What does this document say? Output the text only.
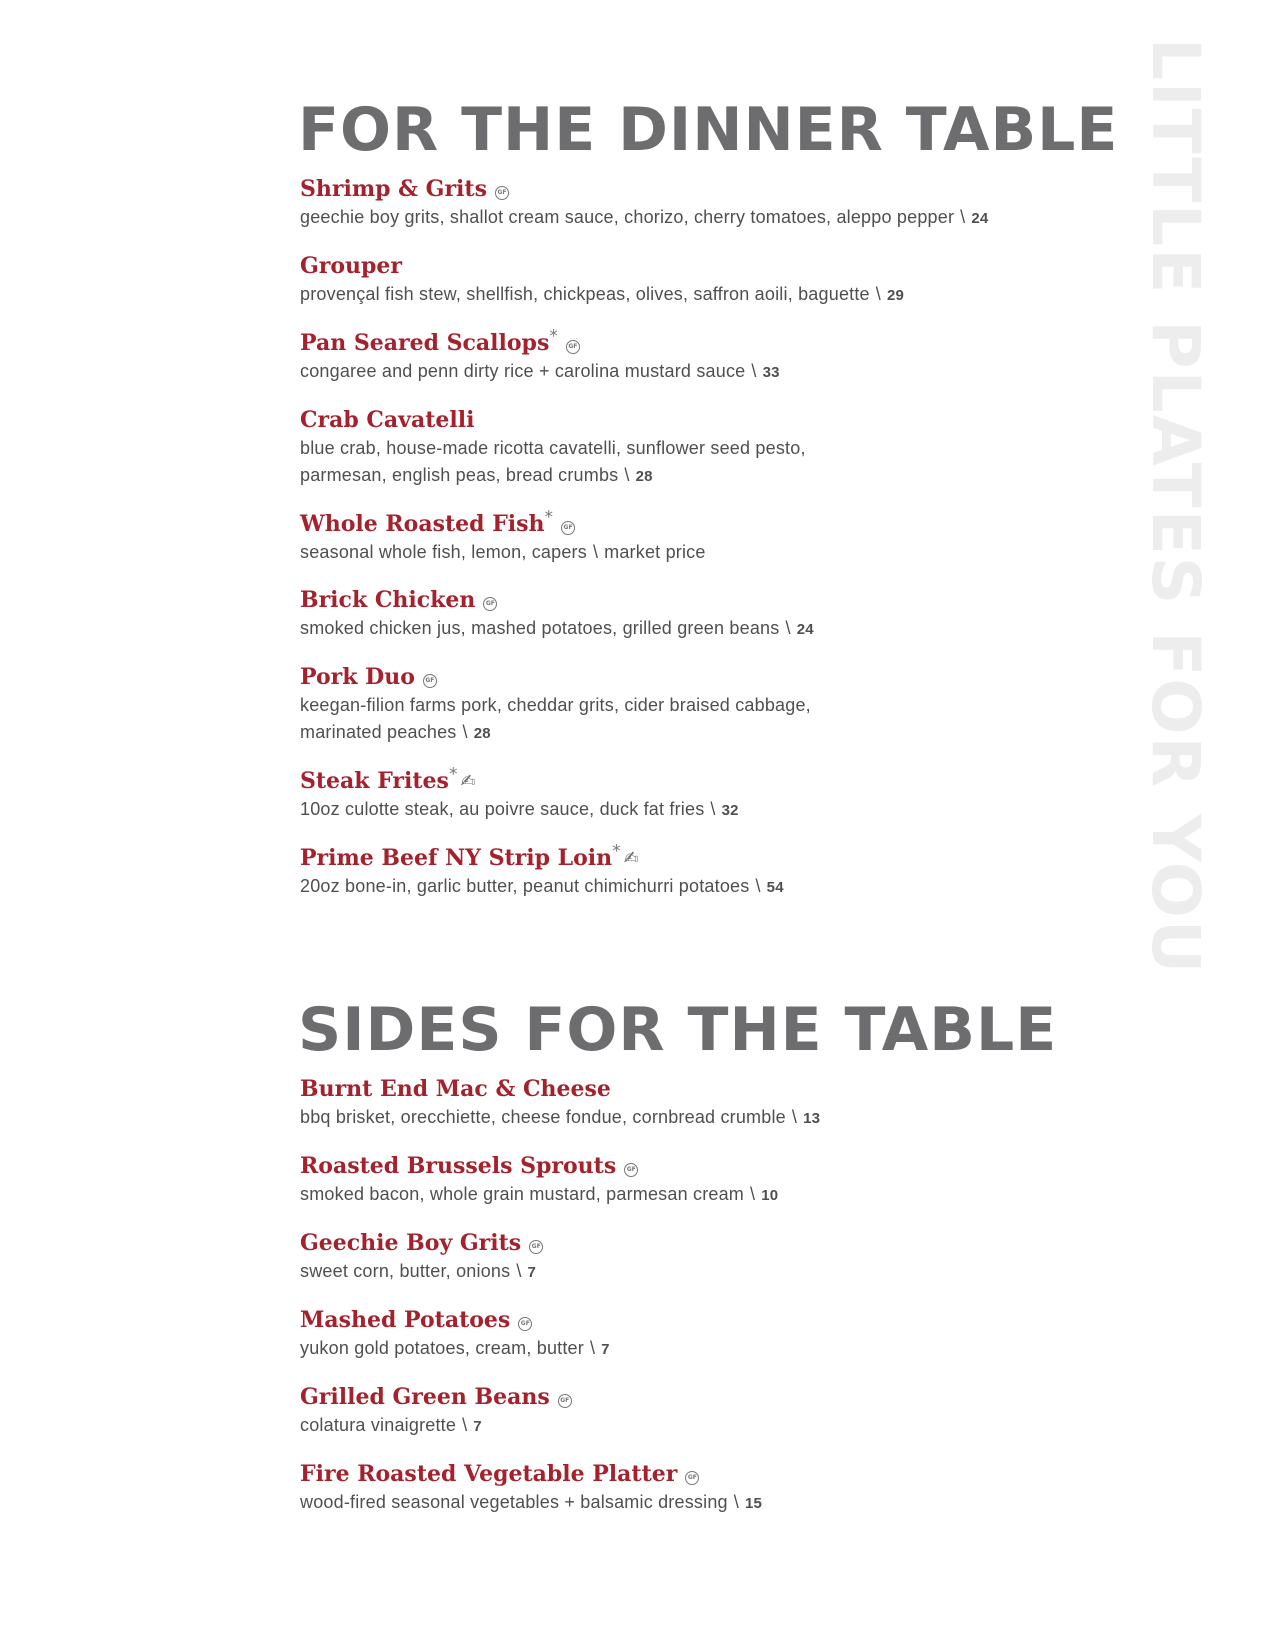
FOR THE DINNER TABLE
Shrimp & Grits GF
geechie boy grits, shallot cream sauce, chorizo, cherry tomatoes, aleppo pepper \ 24
Grouper
provençal fish stew, shellfish, chickpeas, olives, saffron aoili, baguette \ 29
Pan Seared Scallops* GF
congaree and penn dirty rice + carolina mustard sauce \ 33
Crab Cavatelli
blue crab, house-made ricotta cavatelli, sunflower seed pesto,
parmesan, english peas, bread crumbs \ 28
Whole Roasted Fish* GF
seasonal whole fish, lemon, capers \ market price
Brick Chicken GF
smoked chicken jus, mashed potatoes, grilled green beans \ 24
Pork Duo GF
keegan-filion farms pork, cheddar grits, cider braised cabbage,
marinated peaches \ 28
Steak Frites* ✍
10oz culotte steak, au poivre sauce, duck fat fries \ 32
Prime Beef NY Strip Loin* ✍
20oz bone-in, garlic butter, peanut chimichurri potatoes \ 54
SIDES FOR THE TABLE
Burnt End Mac & Cheese
bbq brisket, orecchiette, cheese fondue, cornbread crumble \ 13
Roasted Brussels Sprouts GF
smoked bacon, whole grain mustard, parmesan cream \ 10
Geechie Boy Grits GF
sweet corn, butter, onions \ 7
Mashed Potatoes GF
yukon gold potatoes, cream, butter \ 7
Grilled Green Beans GF
colatura vinaigrette \ 7
Fire Roasted Vegetable Platter GF
wood-fired seasonal vegetables + balsamic dressing \ 15
LITTLE PLATES FOR YOU
